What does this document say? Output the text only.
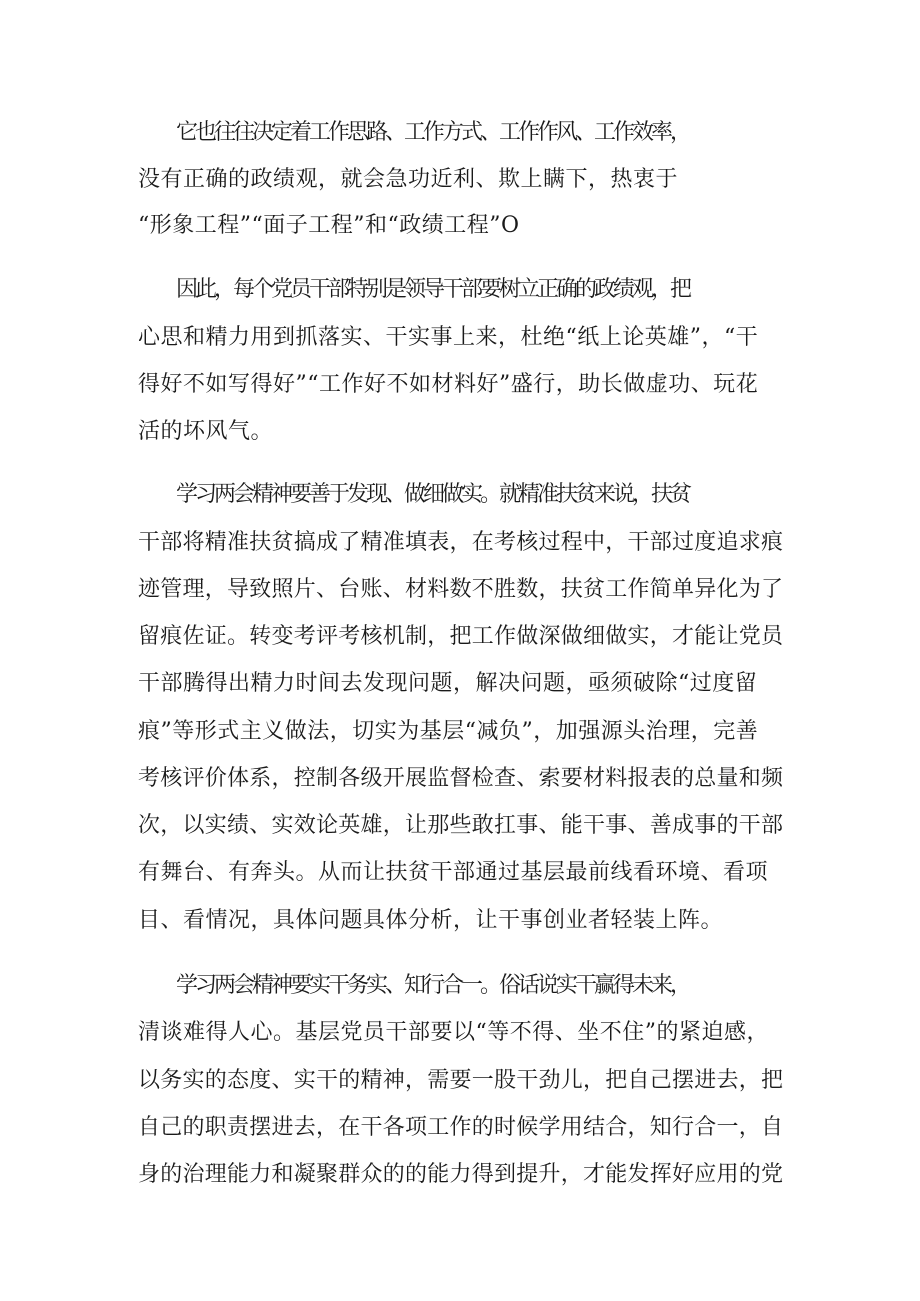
它也往往决定着工作思路、工作方式、工作作风、工作效率，
没有正确的政绩观，就会急功近利、欺上瞒下，热衷于
“形象工程”“面子工程”和“政绩工程”O
因此，每个党员干部特别是领导干部要树立正确的政绩观，把
心思和精力用到抓落实、干实事上来，杜绝“纸上论英雄”，“干
得好不如写得好”“工作好不如材料好”盛行，助长做虚功、玩花
活的坏风气。
学习两会精神要善于发现、做细做实。就精准扶贫来说，扶贫
干部将精准扶贫搞成了精准填表，在考核过程中，干部过度追求痕
迹管理，导致照片、台账、材料数不胜数，扶贫工作简单异化为了
留痕佐证。转变考评考核机制，把工作做深做细做实，才能让党员
干部腾得出精力时间去发现问题，解决问题，亟须破除“过度留
痕”等形式主义做法，切实为基层“减负”，加强源头治理，完善
考核评价体系，控制各级开展监督检查、索要材料报表的总量和频
次，以实绩、实效论英雄，让那些敢扛事、能干事、善成事的干部
有舞台、有奔头。从而让扶贫干部通过基层最前线看环境、看项
目、看情况，具体问题具体分析，让干事创业者轻装上阵。
学习两会精神要实干务实、知行合一。俗话说实干赢得未来，
清谈难得人心。基层党员干部要以“等不得、坐不住”的紧迫感，
以务实的态度、实干的精神，需要一股干劲儿，把自己摆进去，把
自己的职责摆进去，在干各项工作的时候学用结合，知行合一，自
身的治理能力和凝聚群众的的能力得到提升，才能发挥好应用的党
